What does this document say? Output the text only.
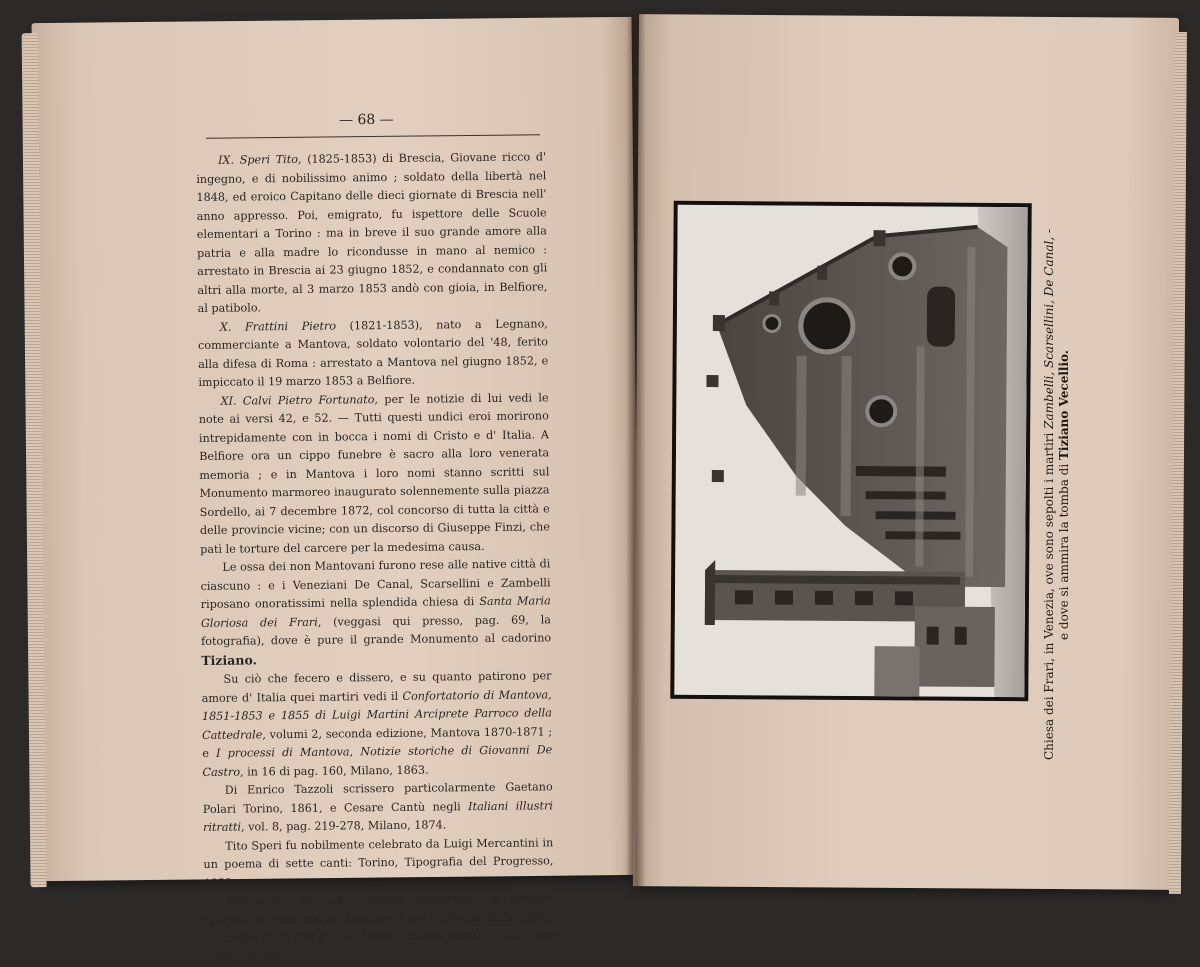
— 68 —

IX. Speri Tito, (1825-1853) di Brescia, Giovane ricco d' ingegno, e di nobilissimo animo ; soldato della libertà nel 1848, ed eroico Capitano delle dieci giornate di Brescia nell' anno appresso. Poi, emigrato, fu ispettore delle Scuole elementari a Torino : ma in breve il suo grande amore alla patria e alla madre lo ricondusse in mano al nemico : arrestato in Brescia ai 23 giugno 1852, e condannato con gli altri alla morte, al 3 marzo 1853 andò con gioia, in Belfiore, al patibolo.

X. Frattini Pietro (1821-1853), nato a Legnano, commerciante a Mantova, soldato volontario del '48, ferito alla difesa di Roma : arrestato a Mantova nel giugno 1852, e impiccato il 19 marzo 1853 a Belfiore.

XI. Calvi Pietro Fortunato, per le notizie di lui vedi le note ai versi 42, e 52. — Tutti questi undici eroi morirono intrepidamente con in bocca i nomi di Cristo e d' Italia. A Belfiore ora un cippo funebre è sacro alla loro venerata memoria ; e in Mantova i loro nomi stanno scritti sul Monumento marmoreo inaugurato solennemente sulla piazza Sordello, ai 7 decembre 1872, col concorso di tutta la città e delle provincie vicine; con un discorso di Giuseppe Finzi, che patì le torture del carcere per la medesima causa.

Le ossa dei non Mantovani furono rese alle native città di ciascuno : e i Veneziani De Canal, Scarsellini e Zambelli riposano onoratissimi nella splendida chiesa di Santa Maria Gloriosa dei Frari, (veggasi qui presso, pag. 69, la fotografia), dove è pure il grande Monumento al cadorino Tiziano.

Su ciò che fecero e dissero, e su quanto patirono per amore d' Italia quei martiri vedi il Confortatorio di Mantova, 1851-1853 e 1855 di Luigi Martini Arciprete Parroco della Cattedrale, volumi 2, seconda edizione, Mantova 1870-1871 ; e I processi di Mantova, Notizie storiche di Giovanni De Castro, in 16 di pag. 160, Milano, 1863.

Di Enrico Tazzoli scrissero particolarmente Gaetano Polari Torino, 1861, e Cesare Cantù negli Italiani illustri ritratti, vol. 8, pag. 219-278, Milano, 1874.

Tito Speri fu nobilmente celebrato da Luigi Mercantini in un poema di sette canti: Torino, Tipografia del Progresso, 1853.

Dedicando, per una recente cerimonia, un numero speciale ai primi martiri mantovani per la libertà della patria, la rivista Italia Bella trae dai loro ultimi scritti e dalle loro ultime parole

Chiesa dei Frari, in Venezia, ove sono sepolti i martiri Zambelli, Scarsellini, De Canal, -
e dove si ammira la tomba di Tiziano Vecellio.
